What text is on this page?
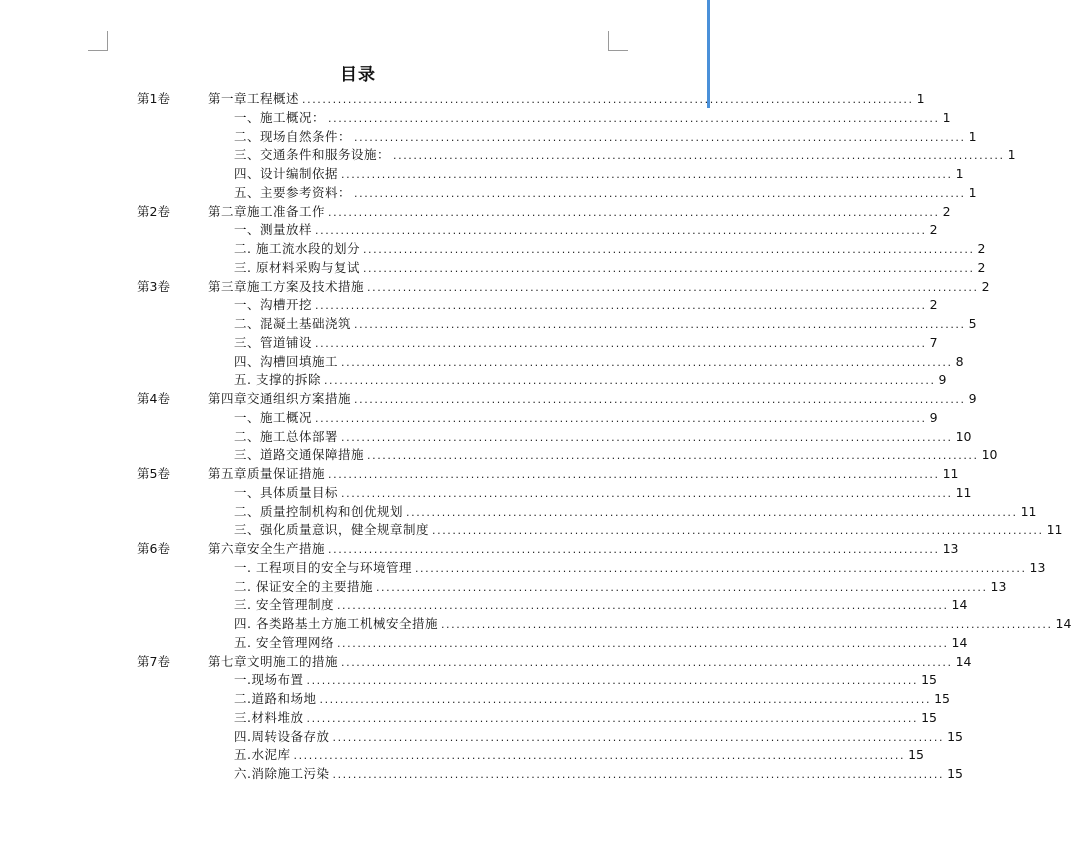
目录
第1卷	第一章工程概述 ........................................................................................................................ 1
一、施工概况： ........................................................................................................................ 1
二、现场自然条件： ........................................................................................................................ 1
三、交通条件和服务设施： ........................................................................................................................ 1
四、设计编制依据 ........................................................................................................................ 1
五、主要参考资料： ........................................................................................................................ 1
第2卷	第二章施工准备工作 ........................................................................................................................ 2
一、测量放样 ........................................................................................................................ 2
二. 施工流水段的划分 ........................................................................................................................ 2
三. 原材料采购与复试 ........................................................................................................................ 2
第3卷	第三章施工方案及技术措施 ........................................................................................................................ 2
一、沟槽开挖 ........................................................................................................................ 2
二、混凝土基础浇筑 ........................................................................................................................ 5
三、管道铺设 ........................................................................................................................ 7
四、沟槽回填施工 ........................................................................................................................ 8
五. 支撑的拆除 ........................................................................................................................ 9
第4卷	第四章交通组织方案措施 ........................................................................................................................ 9
一、施工概况 ........................................................................................................................ 9
二、施工总体部署 ........................................................................................................................ 10
三、道路交通保障措施 ........................................................................................................................ 10
第5卷	第五章质量保证措施 ........................................................................................................................ 11
一、具体质量目标 ........................................................................................................................ 11
二、质量控制机构和创优规划 ........................................................................................................................ 11
三、强化质量意识，健全规章制度 ........................................................................................................................ 11
第6卷	第六章安全生产措施 ........................................................................................................................ 13
一. 工程项目的安全与环境管理 ........................................................................................................................ 13
二. 保证安全的主要措施 ........................................................................................................................ 13
三. 安全管理制度 ........................................................................................................................ 14
四. 各类路基土方施工机械安全措施 ........................................................................................................................ 14
五. 安全管理网络 ........................................................................................................................ 14
第7卷	第七章文明施工的措施 ........................................................................................................................ 14
一.现场布置 ........................................................................................................................ 15
二.道路和场地 ........................................................................................................................ 15
三.材料堆放 ........................................................................................................................ 15
四.周转设备存放 ........................................................................................................................ 15
五.水泥库 ........................................................................................................................ 15
六.消除施工污染 ........................................................................................................................ 15
